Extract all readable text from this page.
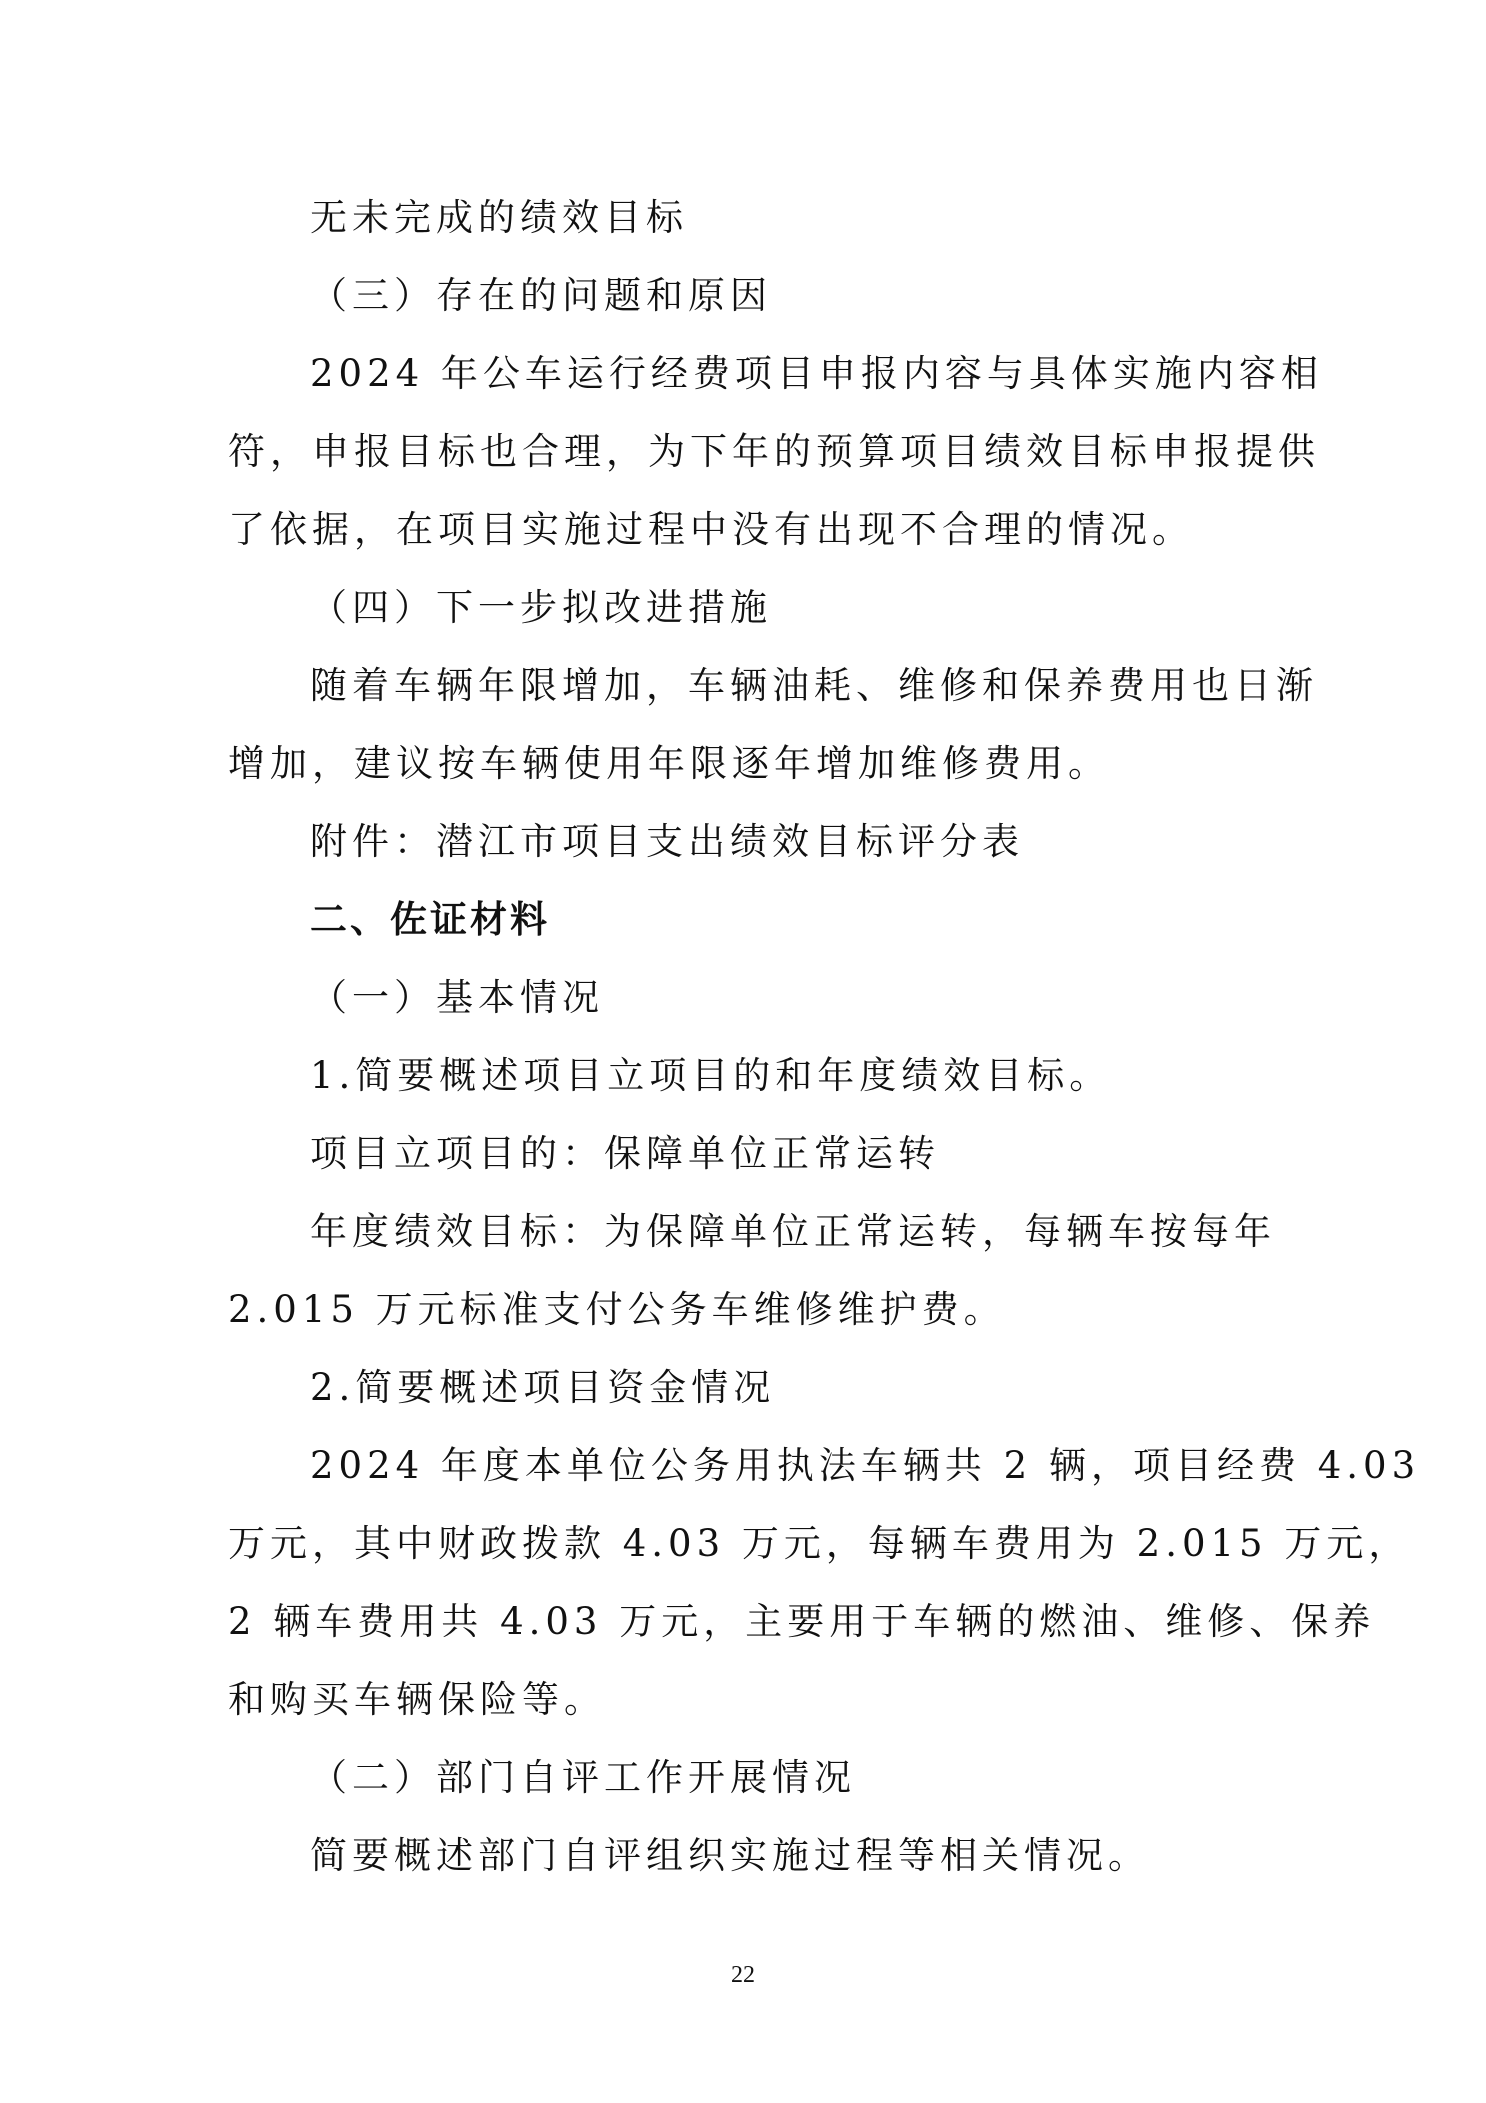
无未完成的绩效目标
（三）存在的问题和原因
2024 年公车运行经费项目申报内容与具体实施内容相
符，申报目标也合理，为下年的预算项目绩效目标申报提供
了依据，在项目实施过程中没有出现不合理的情况。
（四）下一步拟改进措施
随着车辆年限增加，车辆油耗、维修和保养费用也日渐
增加，建议按车辆使用年限逐年增加维修费用。
附件：潜江市项目支出绩效目标评分表
二、佐证材料
（一）基本情况
1.简要概述项目立项目的和年度绩效目标。
项目立项目的：保障单位正常运转
年度绩效目标：为保障单位正常运转，每辆车按每年
2.015 万元标准支付公务车维修维护费。
2.简要概述项目资金情况
2024 年度本单位公务用执法车辆共 2 辆，项目经费 4.03
万元，其中财政拨款 4.03 万元，每辆车费用为 2.015 万元，
2 辆车费用共 4.03 万元，主要用于车辆的燃油、维修、保养
和购买车辆保险等。
（二）部门自评工作开展情况
简要概述部门自评组织实施过程等相关情况。
22
